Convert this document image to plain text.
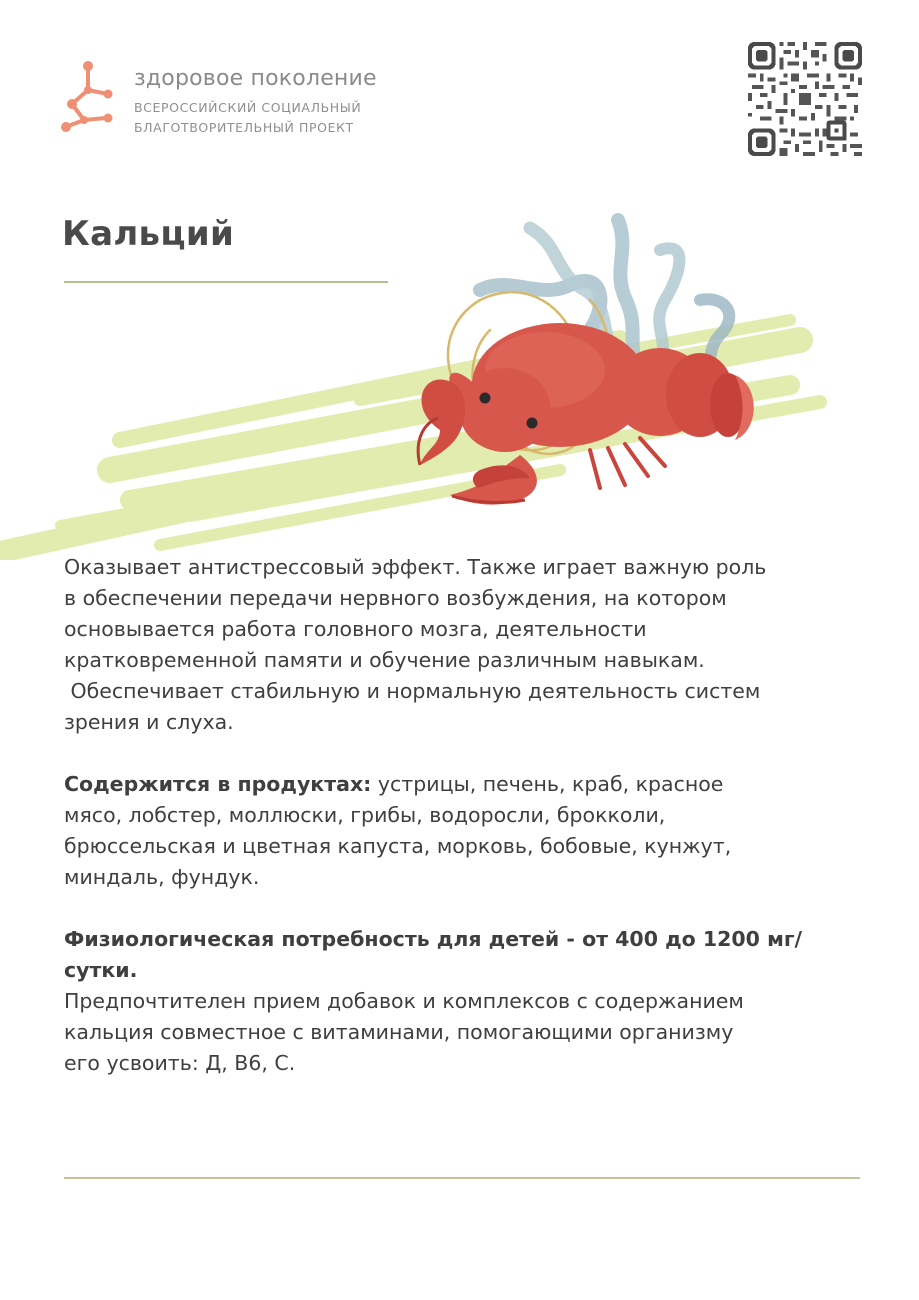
здоровое поколение
ВСЕРОССИЙСКИЙ СОЦИАЛЬНЫЙ
БЛАГОТВОРИТЕЛЬНЫЙ ПРОЕКТ
Кальций

Оказывает антистрессовый эффект. Также играет важную роль

в обеспечении передачи нервного возбуждения, на котором

основывается работа головного мозга, деятельности

кратковременной памяти и обучение различным навыкам.

Обеспечивает стабильную и нормальную деятельность систем

зрения и слуха.

Содержится в продуктах: устрицы, печень, краб, красное

мясо, лобстер, моллюски, грибы, водоросли, брокколи,

брюссельская и цветная капуста, морковь, бобовые, кунжут,

миндаль, фундук.

Физиологическая потребность для детей - от 400 до 1200 мг/

сутки.

Предпочтителен прием добавок и комплексов с содержанием

кальция совместное с витаминами, помогающими организму

его усвоить: Д, В6, С.
